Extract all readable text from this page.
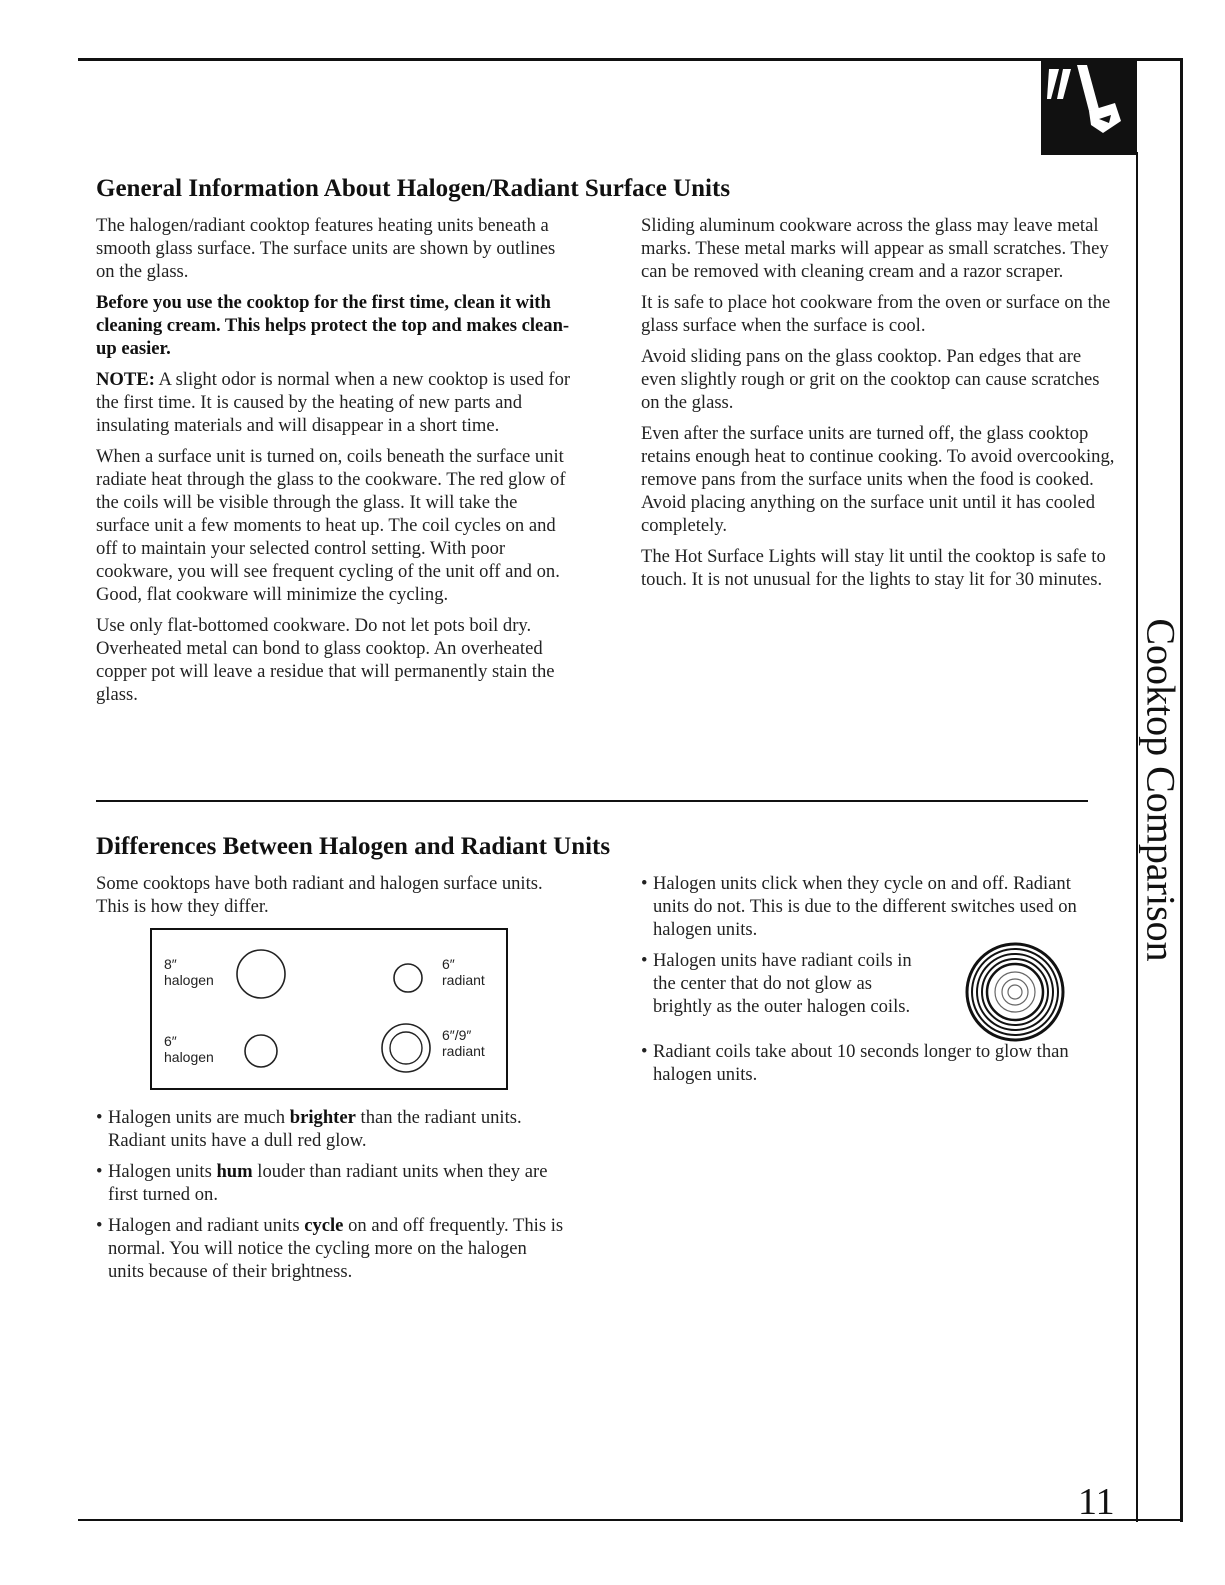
General Information About Halogen/Radiant Surface Units

The halogen/radiant cooktop features heating units beneath a smooth glass surface. The surface units are shown by outlines on the glass.

Before you use the cooktop for the first time, clean it with cleaning cream. This helps protect the top and makes clean-up easier.

NOTE: A slight odor is normal when a new cooktop is used for the first time. It is caused by the heating of new parts and insulating materials and will disappear in a short time.

When a surface unit is turned on, coils beneath the surface unit radiate heat through the glass to the cookware. The red glow of the coils will be visible through the glass. It will take the surface unit a few moments to heat up. The coil cycles on and off to maintain your selected control setting. With poor cookware, you will see frequent cycling of the unit off and on. Good, flat cookware will minimize the cycling.

Use only flat-bottomed cookware. Do not let pots boil dry. Overheated metal can bond to glass cooktop. An overheated copper pot will leave a residue that will permanently stain the glass.

Sliding aluminum cookware across the glass may leave metal marks. These metal marks will appear as small scratches. They can be removed with cleaning cream and a razor scraper.

It is safe to place hot cookware from the oven or surface on the glass surface when the surface is cool.

Avoid sliding pans on the glass cooktop. Pan edges that are even slightly rough or grit on the cooktop can cause scratches on the glass.

Even after the surface units are turned off, the glass cooktop retains enough heat to continue cooking. To avoid overcooking, remove pans from the surface units when the food is cooked. Avoid placing anything on the surface unit until it has cooled completely.

The Hot Surface Lights will stay lit until the cooktop is safe to touch. It is not unusual for the lights to stay lit for 30 minutes.

Differences Between Halogen and Radiant Units

Some cooktops have both radiant and halogen surface units. This is how they differ.

8″
halogen
6″
radiant
6″
halogen
6″/9″
radiant

• Halogen units are much brighter than the radiant units. Radiant units have a dull red glow.

• Halogen units hum louder than radiant units when they are first turned on.

• Halogen and radiant units cycle on and off frequently. This is normal. You will notice the cycling more on the halogen units because of their brightness.

• Halogen units click when they cycle on and off. Radiant units do not. This is due to the different switches used on halogen units.

• Halogen units have radiant coils in
the center that do not glow as
brightly as the outer halogen coils.

• Radiant coils take about 10 seconds longer to glow than halogen units.

Cooktop Comparison
11
